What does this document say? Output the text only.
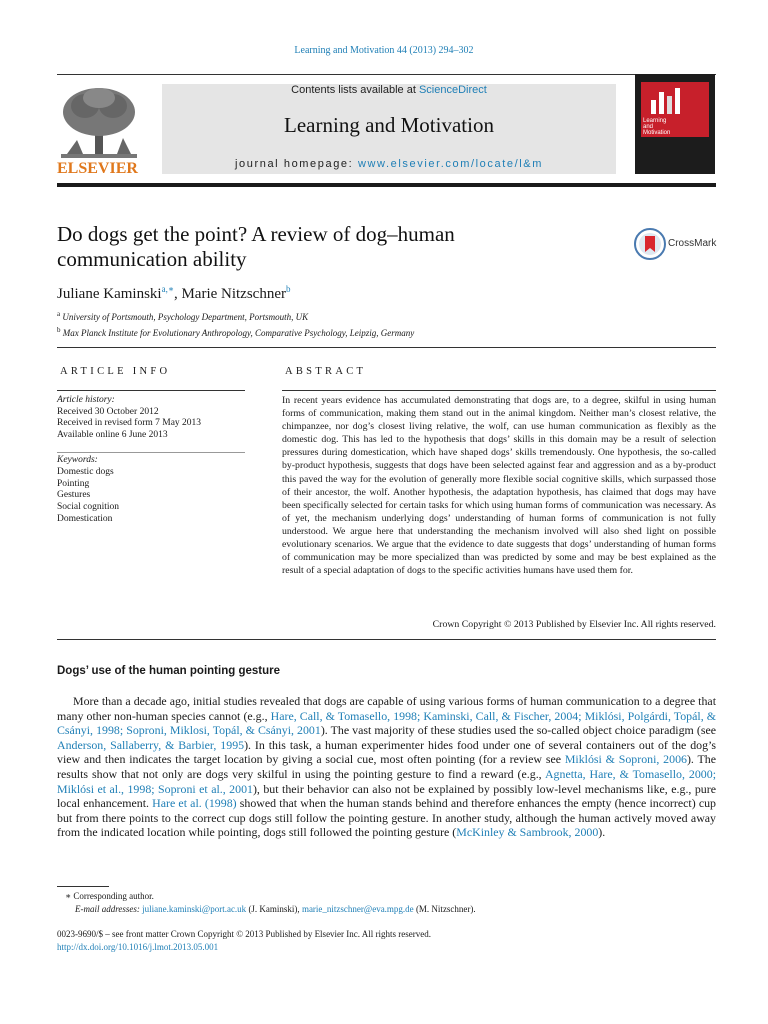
Learning and Motivation 44 (2013) 294–302
ELSEVIER
Contents lists available at ScienceDirect
Learning and Motivation
journal homepage: www.elsevier.com/locate/l&m
Learning
and
Motivation
Do dogs get the point? A review of dog–human communication ability
CrossMark
Juliane Kaminski$^{a,∗}$, Marie Nitzschner$^b$
$^a$ University of Portsmouth, Psychology Department, Portsmouth, UK
$^b$ Max Planck Institute for Evolutionary Anthropology, Comparative Psychology, Leipzig, Germany
ARTICLE INFO
Article history:
Received 30 October 2012
Received in revised form 7 May 2013
Available online 6 June 2013
Keywords:
Domestic dogs
Pointing
Gestures
Social cognition
Domestication
ABSTRACT
In recent years evidence has accumulated demonstrating that dogs are, to a degree, skilful in using human forms of communication, making them stand out in the animal kingdom. Neither man’s closest relative, the chimpanzee, nor dog’s closest living relative, the wolf, can use human communication as flexibly as the domestic dog. This has led to the hypothesis that dogs’ skills in this domain may be a result of selection pressures during domestication, which have shaped dogs’ skills tremendously. One hypothesis, the so-called by-product hypothesis, suggests that dogs have been selected against fear and aggression and as a by-product this paved the way for the evolution of generally more flexible social cognitive skills, which surpassed those of their ancestor, the wolf. Another hypothesis, the adaptation hypothesis, has claimed that dogs may have been specifically selected for certain tasks for which using human forms of communication was necessary. As of yet, the mechanism underlying dogs’ understanding of human forms of communication is not fully understood. We argue here that understanding the mechanism involved will also shed light on possible evolutionary scenarios. We argue that the evidence to date suggests that dogs’ understanding of human forms of communication may be more specialized than was predicted by some and may be best explained as the result of a special adaptation of dogs to the specific activities humans have used them for.
Crown Copyright © 2013 Published by Elsevier Inc. All rights reserved.
Dogs’ use of the human pointing gesture
More than a decade ago, initial studies revealed that dogs are capable of using various forms of human communication to a degree that many other non-human species cannot (e.g., Hare, Call, & Tomasello, 1998; Kaminski, Call, & Fischer, 2004; Miklósi, Polgárdi, Topál, & Csányi, 1998; Soproni, Miklosi, Topál, & Csányi, 2001). The vast majority of these studies used the so-called object choice paradigm (see Anderson, Sallaberry, & Barbier, 1995). In this task, a human experimenter hides food under one of several containers out of the dog’s view and then indicates the target location by giving a social cue, most often pointing (for a review see Miklósi & Soproni, 2006). The results show that not only are dogs very skilful in using the pointing gesture to find a reward (e.g., Agnetta, Hare, & Tomasello, 2000; Miklósi et al., 1998; Soproni et al., 2001), but their behavior can also not be explained by possibly low-level mechanisms like, e.g., pure local enhancement. Hare et al. (1998) showed that when the human stands behind and therefore enhances the empty (hence incorrect) cup but from there points to the correct cup dogs still follow the pointing gesture. In another study, although the human actively moved away from the indicated location while pointing, dogs still followed the pointing gesture (McKinley & Sambrook, 2000).
∗ Corresponding author.
E-mail addresses: juliane.kaminski@port.ac.uk (J. Kaminski), marie_nitzschner@eva.mpg.de (M. Nitzschner).
0023-9690/$ – see front matter Crown Copyright © 2013 Published by Elsevier Inc. All rights reserved.
http://dx.doi.org/10.1016/j.lmot.2013.05.001
